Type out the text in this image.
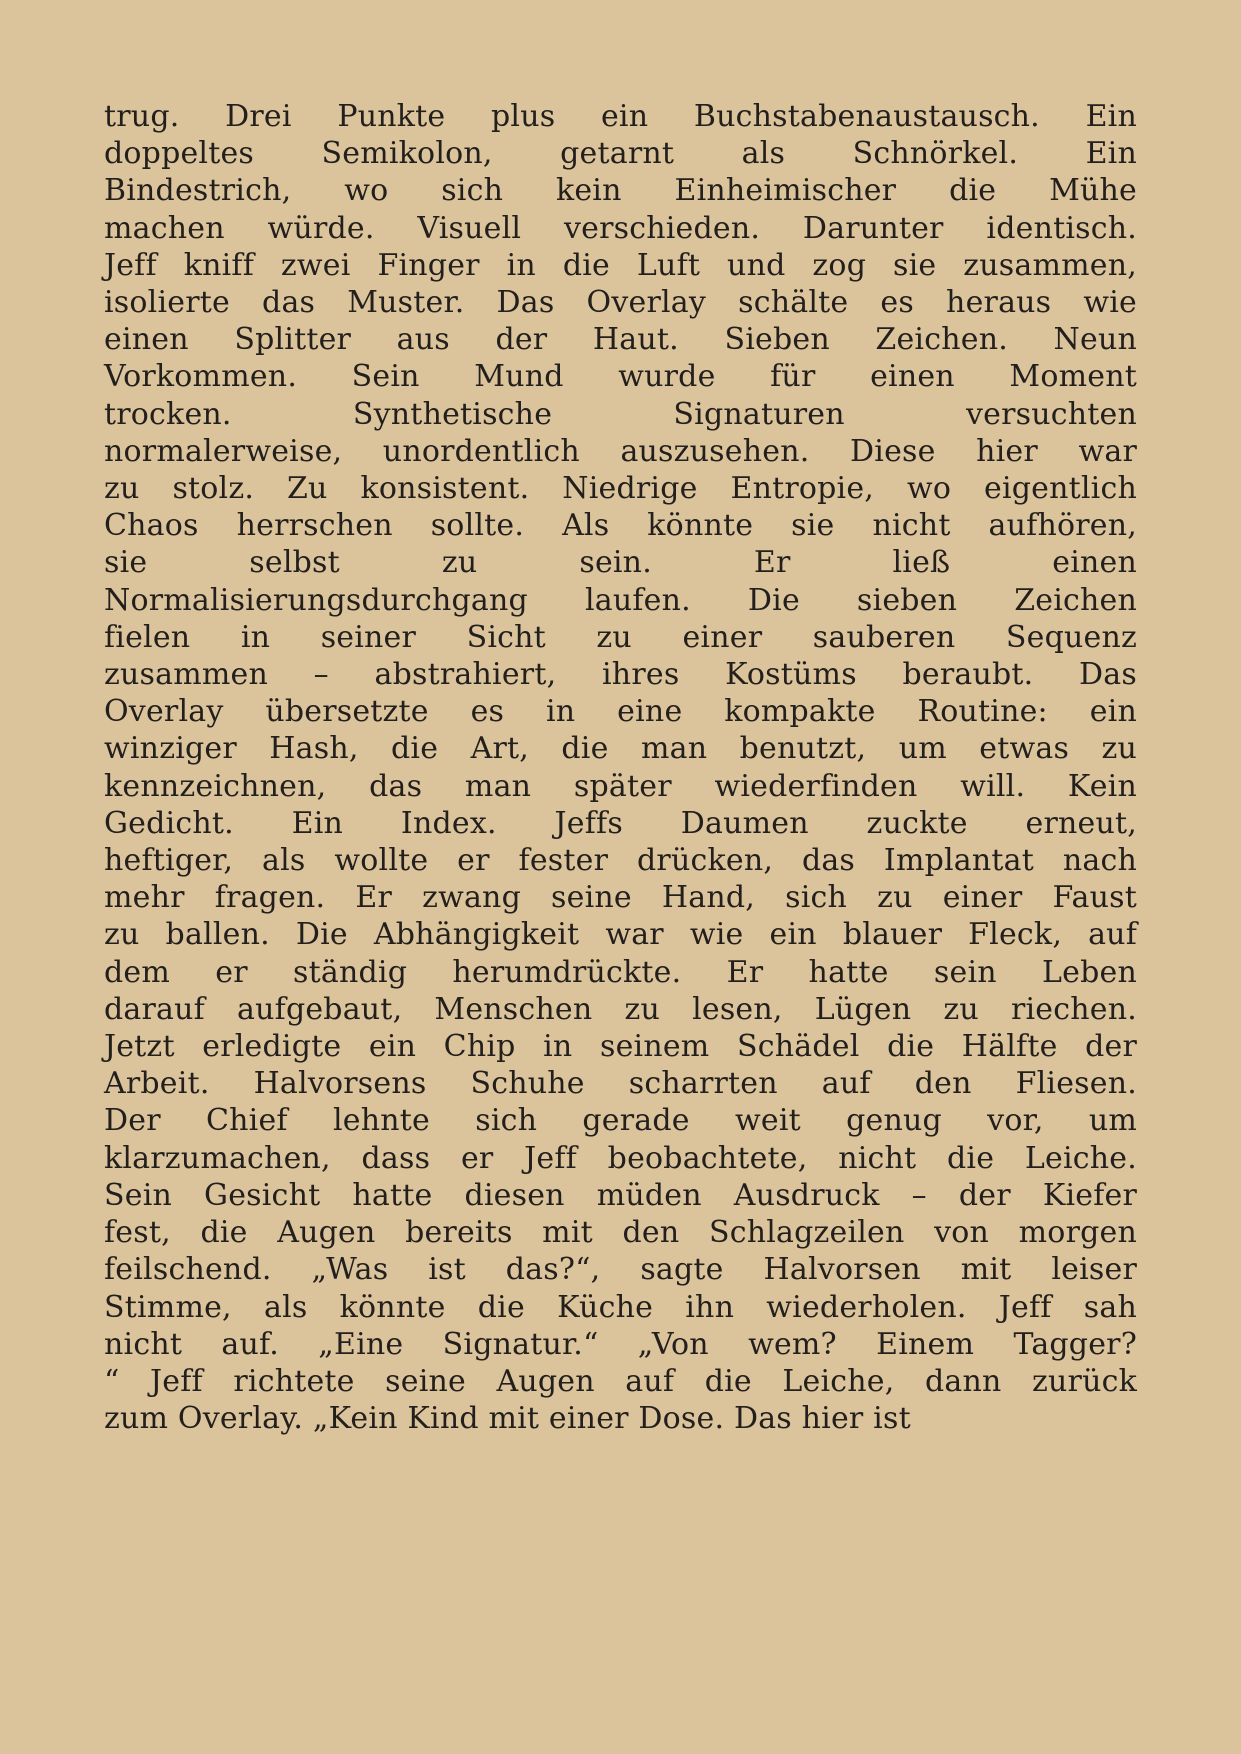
trug. Drei Punkte plus ein Buchstabenaustausch. Ein
doppeltes Semikolon, getarnt als Schnörkel. Ein
Bindestrich, wo sich kein Einheimischer die Mühe
machen würde. Visuell verschieden. Darunter identisch.
Jeff kniff zwei Finger in die Luft und zog sie zusammen,
isolierte das Muster. Das Overlay schälte es heraus wie
einen Splitter aus der Haut. Sieben Zeichen. Neun
Vorkommen. Sein Mund wurde für einen Moment
trocken. Synthetische Signaturen versuchten
normalerweise, unordentlich auszusehen. Diese hier war
zu stolz. Zu konsistent. Niedrige Entropie, wo eigentlich
Chaos herrschen sollte. Als könnte sie nicht aufhören,
sie selbst zu sein. Er ließ einen
Normalisierungsdurchgang laufen. Die sieben Zeichen
fielen in seiner Sicht zu einer sauberen Sequenz
zusammen – abstrahiert, ihres Kostüms beraubt. Das
Overlay übersetzte es in eine kompakte Routine: ein
winziger Hash, die Art, die man benutzt, um etwas zu
kennzeichnen, das man später wiederfinden will. Kein
Gedicht. Ein Index. Jeffs Daumen zuckte erneut,
heftiger, als wollte er fester drücken, das Implantat nach
mehr fragen. Er zwang seine Hand, sich zu einer Faust
zu ballen. Die Abhängigkeit war wie ein blauer Fleck, auf
dem er ständig herumdrückte. Er hatte sein Leben
darauf aufgebaut, Menschen zu lesen, Lügen zu riechen.
Jetzt erledigte ein Chip in seinem Schädel die Hälfte der
Arbeit. Halvorsens Schuhe scharrten auf den Fliesen.
Der Chief lehnte sich gerade weit genug vor, um
klarzumachen, dass er Jeff beobachtete, nicht die Leiche.
Sein Gesicht hatte diesen müden Ausdruck – der Kiefer
fest, die Augen bereits mit den Schlagzeilen von morgen
feilschend. „Was ist das?“, sagte Halvorsen mit leiser
Stimme, als könnte die Küche ihn wiederholen. Jeff sah
nicht auf. „Eine Signatur.“ „Von wem? Einem Tagger?
“ Jeff richtete seine Augen auf die Leiche, dann zurück
zum Overlay. „Kein Kind mit einer Dose. Das hier ist
